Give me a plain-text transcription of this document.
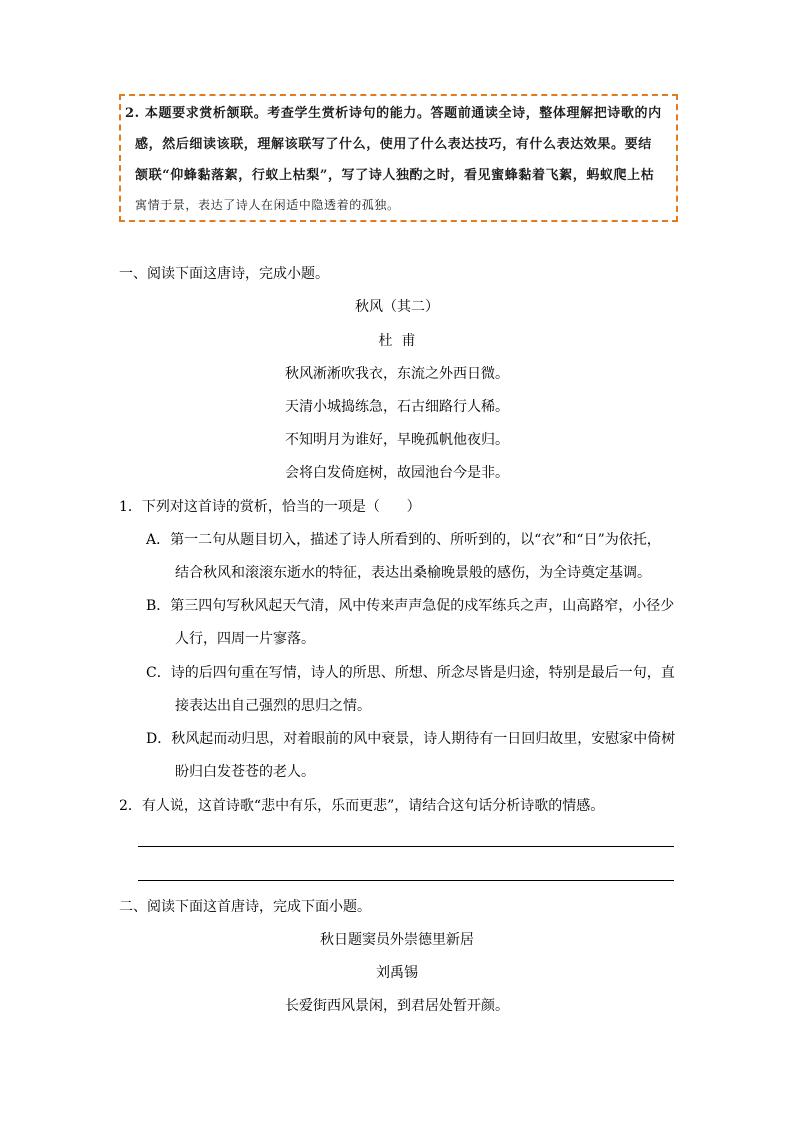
2. 本题要求赏析颔联。考查学生赏析诗句的能力。答题前通读全诗，整体理解把诗歌的内
感，然后细读该联，理解该联写了什么，使用了什么表达技巧，有什么表达效果。要结
颔联“仰蜂黏落絮，行蚁上枯梨”，写了诗人独酌之时，看见蜜蜂黏着飞絮，蚂蚁爬上枯
寓情于景，表达了诗人在闲适中隐透着的孤独。
一、阅读下面这唐诗，完成小题。
秋风（其二）
杜  甫
秋风淅淅吹我衣，东流之外西日微。
天清小城捣练急，石古细路行人稀。
不知明月为谁好，早晚孤帆他夜归。
会将白发倚庭树，故园池台今是非。
1．下列对这首诗的赏析，恰当的一项是（      ）
A．第一二句从题目切入，描述了诗人所看到的、所听到的，以“衣”和“日”为依托，
结合秋风和滚滚东逝水的特征，表达出桑榆晚景般的感伤，为全诗奠定基调。
B．第三四句写秋风起天气清，风中传来声声急促的戍军练兵之声，山高路窄，小径少
人行，四周一片寥落。
C．诗的后四句重在写情，诗人的所思、所想、所念尽皆是归途，特别是最后一句，直
接表达出自己强烈的思归之情。
D．秋风起而动归思，对着眼前的风中衰景，诗人期待有一日回归故里，安慰家中倚树
盼归白发苍苍的老人。
2．有人说，这首诗歌“悲中有乐，乐而更悲”，请结合这句话分析诗歌的情感。
二、阅读下面这首唐诗，完成下面小题。
秋日题窦员外崇德里新居
刘禹锡
长爱街西风景闲，到君居处暂开颜。
